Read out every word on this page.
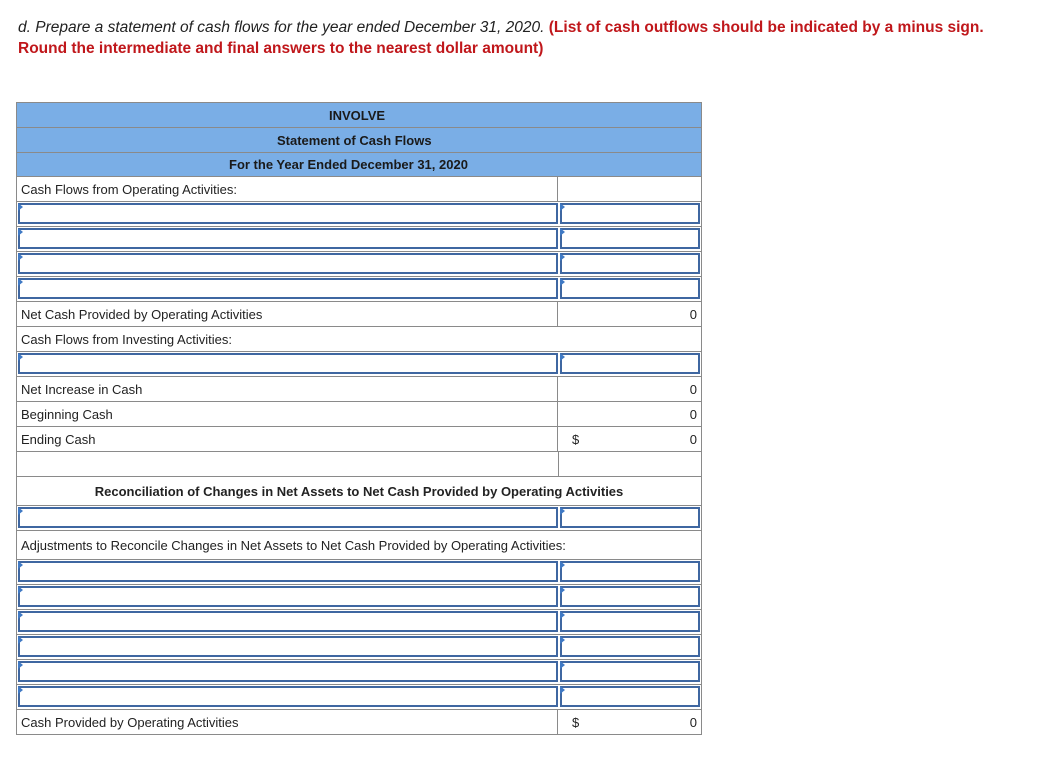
d. Prepare a statement of cash flows for the year ended December 31, 2020. (List of cash outflows should be indicated by a minus sign. Round the intermediate and final answers to the nearest dollar amount)
INVOLVE
Statement of Cash Flows
For the Year Ended December 31, 2020
Cash Flows from Operating Activities:
Net Cash Provided by Operating Activities	0
Cash Flows from Investing Activities:
Net Increase in Cash	0
Beginning Cash	0
Ending Cash	$	0
Reconciliation of Changes in Net Assets to Net Cash Provided by Operating Activities
Adjustments to Reconcile Changes in Net Assets to Net Cash Provided by Operating Activities:
Cash Provided by Operating Activities	$	0
